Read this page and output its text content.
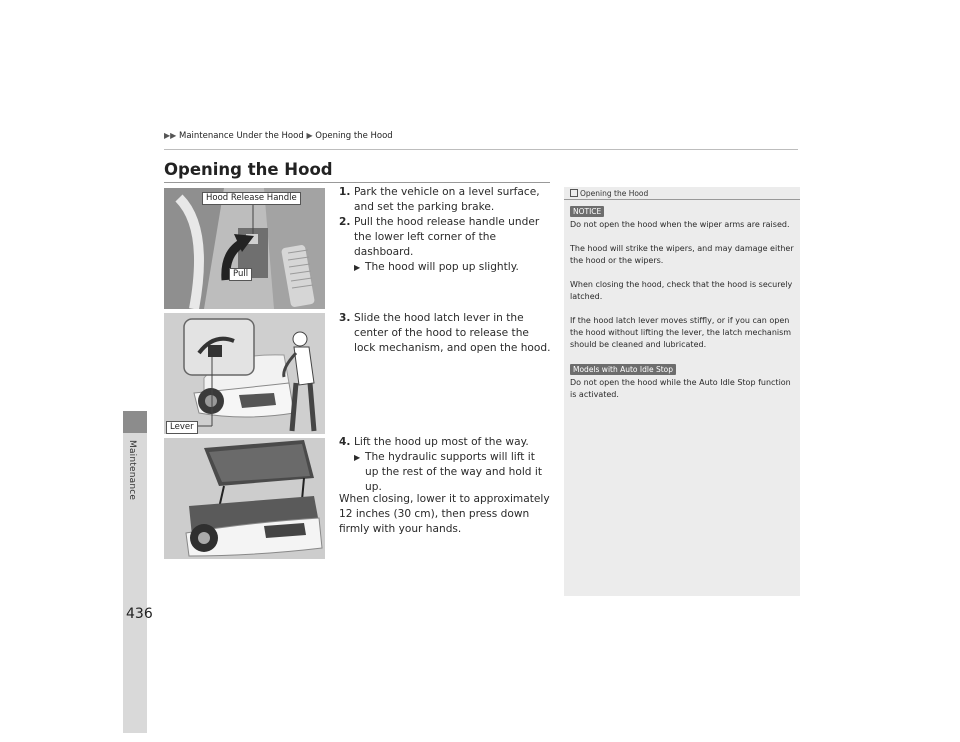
Maintenance
436
▶▶ Maintenance Under the Hood ▶ Opening the Hood
Opening the Hood
Hood Release Handle
Pull
Lever
1. Park the vehicle on a level surface, and set the parking brake.
2. Pull the hood release handle under the lower left corner of the dashboard.
▶ The hood will pop up slightly.
3. Slide the hood latch lever in the center of the hood to release the lock mechanism, and open the hood.
4. Lift the hood up most of the way.
▶ The hydraulic supports will lift it up the rest of the way and hold it up.
When closing, lower it to approximately 12 inches (30 cm), then press down firmly with your hands.
Opening the Hood
NOTICE
Do not open the hood when the wiper arms are raised.
The hood will strike the wipers, and may damage either the hood or the wipers.
When closing the hood, check that the hood is securely latched.
If the hood latch lever moves stiffly, or if you can open the hood without lifting the lever, the latch mechanism should be cleaned and lubricated.
Models with Auto Idle Stop
Do not open the hood while the Auto Idle Stop function is activated.
